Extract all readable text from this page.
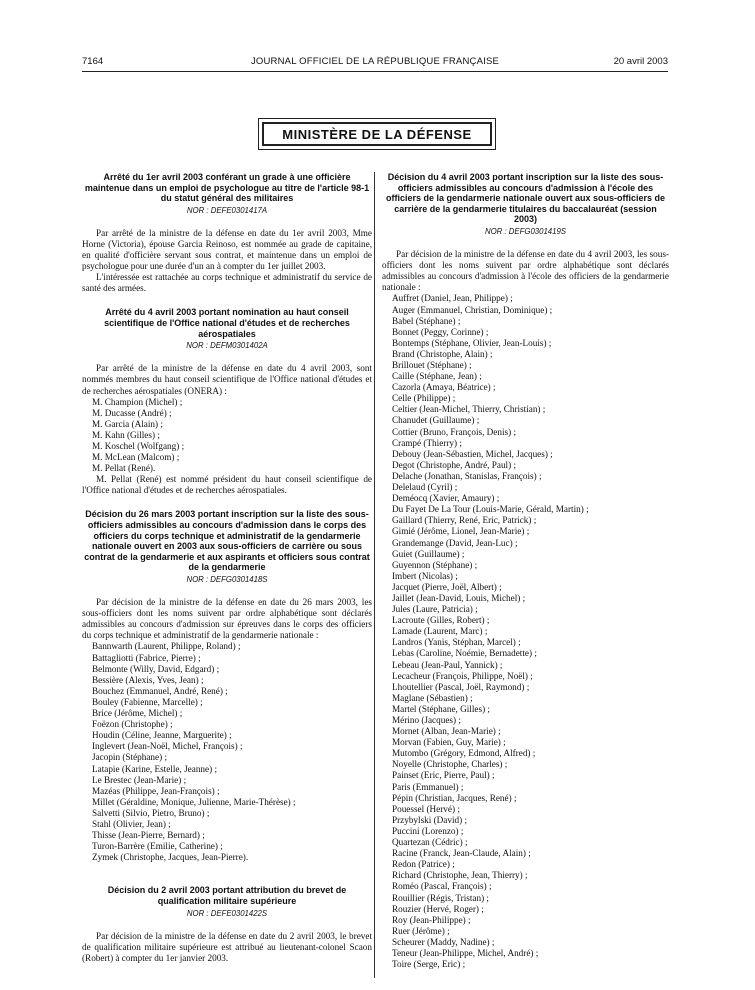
7164	JOURNAL OFFICIEL DE LA RÉPUBLIQUE FRANÇAISE	20 avril 2003
MINISTÈRE DE LA DÉFENSE
Arrêté du 1er avril 2003 conférant un grade à une officière maintenue dans un emploi de psychologue au titre de l'article 98-1 du statut général des militaires
NOR : DEFE0301417A

Par arrêté de la ministre de la défense en date du 1er avril 2003, Mme Horne (Victoria), épouse Garcia Reinoso, est nommée au grade de capitaine, en qualité d'officière servant sous contrat, et maintenue dans un emploi de psychologue pour une durée d'un an à compter du 1er juillet 2003.

L'intéressée est rattachée au corps technique et administratif du service de santé des armées.

Arrêté du 4 avril 2003 portant nomination au haut conseil scientifique de l'Office national d'études et de recherches aérospatiales
NOR : DEFM0301402A

Par arrêté de la ministre de la défense en date du 4 avril 2003, sont nommés membres du haut conseil scientifique de l'Office national d'études et de recherches aérospatiales (ONERA) :

M. Champion (Michel) ;
M. Ducasse (André) ;
M. Garcia (Alain) ;
M. Kahn (Gilles) ;
M. Koschel (Wolfgang) ;
M. McLean (Malcom) ;
M. Pellat (René).

M. Pellat (René) est nommé président du haut conseil scientifique de l'Office national d'études et de recherches aérospatiales.

Décision du 26 mars 2003 portant inscription sur la liste des sous-officiers admissibles au concours d'admission dans le corps des officiers du corps technique et administratif de la gendarmerie nationale ouvert en 2003 aux sous-officiers de carrière ou sous contrat de la gendarmerie et aux aspirants et officiers sous contrat de la gendarmerie
NOR : DEFG0301418S

Par décision de la ministre de la défense en date du 26 mars 2003, les sous-officiers dont les noms suivent par ordre alphabétique sont déclarés admissibles au concours d'admission sur épreuves dans le corps des officiers du corps technique et administratif de la gendarmerie nationale :

Bannwarth (Laurent, Philippe, Roland) ;
Battagliotti (Fabrice, Pierre) ;
Belmonte (Willy, David, Edgard) ;
Bessière (Alexis, Yves, Jean) ;
Bouchez (Emmanuel, André, René) ;
Bouley (Fabienne, Marcelle) ;
Brice (Jérôme, Michel) ;
Foëzon (Christophe) ;
Houdin (Céline, Jeanne, Marguerite) ;
Inglevert (Jean-Noël, Michel, François) ;
Jacopin (Stéphane) ;
Latapie (Karine, Estelle, Jeanne) ;
Le Brestec (Jean-Marie) ;
Mazéas (Philippe, Jean-François) ;
Millet (Géraldine, Monique, Julienne, Marie-Thérèse) ;
Salvetti (Silvio, Pietro, Bruno) ;
Stahl (Olivier, Jean) ;
Thisse (Jean-Pierre, Bernard) ;
Turon-Barrère (Emilie, Catherine) ;
Zymek (Christophe, Jacques, Jean-Pierre).
Décision du 2 avril 2003 portant attribution du brevet de qualification militaire supérieure
NOR : DEFE0301422S

Par décision de la ministre de la défense en date du 2 avril 2003, le brevet de qualification militaire supérieure est attribué au lieutenant-colonel Scaon (Robert) à compter du 1er janvier 2003.

Décision du 4 avril 2003 portant inscription sur la liste des sous-officiers admissibles au concours d'admission à l'école des officiers de la gendarmerie nationale ouvert aux sous-officiers de carrière de la gendarmerie titulaires du baccalauréat (session 2003)
NOR : DEFG0301419S

Par décision de la ministre de la défense en date du 4 avril 2003, les sous-officiers dont les noms suivent par ordre alphabétique sont déclarés admissibles au concours d'admission à l'école des officiers de la gendarmerie nationale :

Auffret (Daniel, Jean, Philippe) ;
Auger (Emmanuel, Christian, Dominique) ;
Babel (Stéphane) ;
Bonnet (Peggy, Corinne) ;
Bontemps (Stéphane, Olivier, Jean-Louis) ;
Brand (Christophe, Alain) ;
Brillouet (Stéphane) ;
Caille (Stéphane, Jean) ;
Cazorla (Amaya, Béatrice) ;
Celle (Philippe) ;
Celtier (Jean-Michel, Thierry, Christian) ;
Chanudet (Guillaume) ;
Cottier (Bruno, François, Denis) ;
Crampé (Thierry) ;
Debouy (Jean-Sébastien, Michel, Jacques) ;
Degot (Christophe, André, Paul) ;
Delache (Jonathan, Stanislas, François) ;
Delelaud (Cyril) ;
Deméocq (Xavier, Amaury) ;
Du Fayet De La Tour (Louis-Marie, Gérald, Martin) ;
Gaillard (Thierry, René, Eric, Patrick) ;
Gimié (Jérôme, Lionel, Jean-Marie) ;
Grandemange (David, Jean-Luc) ;
Guiet (Guillaume) ;
Guyennon (Stéphane) ;
Imbert (Nicolas) ;
Jacquet (Pierre, Joël, Albert) ;
Jaillet (Jean-David, Louis, Michel) ;
Jules (Laure, Patricia) ;
Lacroute (Gilles, Robert) ;
Lamade (Laurent, Marc) ;
Landros (Yanis, Stéphan, Marcel) ;
Lebas (Caroline, Noémie, Bernadette) ;
Lebeau (Jean-Paul, Yannick) ;
Lecacheur (François, Philippe, Noël) ;
Lhoutellier (Pascal, Joël, Raymond) ;
Maglane (Sébastien) ;
Martel (Stéphane, Gilles) ;
Mérino (Jacques) ;
Mornet (Alban, Jean-Marie) ;
Morvan (Fabien, Guy, Marie) ;
Mutombo (Grégory, Edmond, Alfred) ;
Noyelle (Christophe, Charles) ;
Painset (Eric, Pierre, Paul) ;
Paris (Emmanuel) ;
Pépin (Christian, Jacques, René) ;
Pouessel (Hervé) ;
Przybylski (David) ;
Puccini (Lorenzo) ;
Quartezan (Cédric) ;
Racine (Franck, Jean-Claude, Alain) ;
Redon (Patrice) ;
Richard (Christophe, Jean, Thierry) ;
Roméo (Pascal, François) ;
Rouillier (Régis, Tristan) ;
Rouzier (Hervé, Roger) ;
Roy (Jean-Philippe) ;
Ruer (Jérôme) ;
Scheurer (Maddy, Nadine) ;
Teneur (Jean-Philippe, Michel, André) ;
Toire (Serge, Eric) ;
